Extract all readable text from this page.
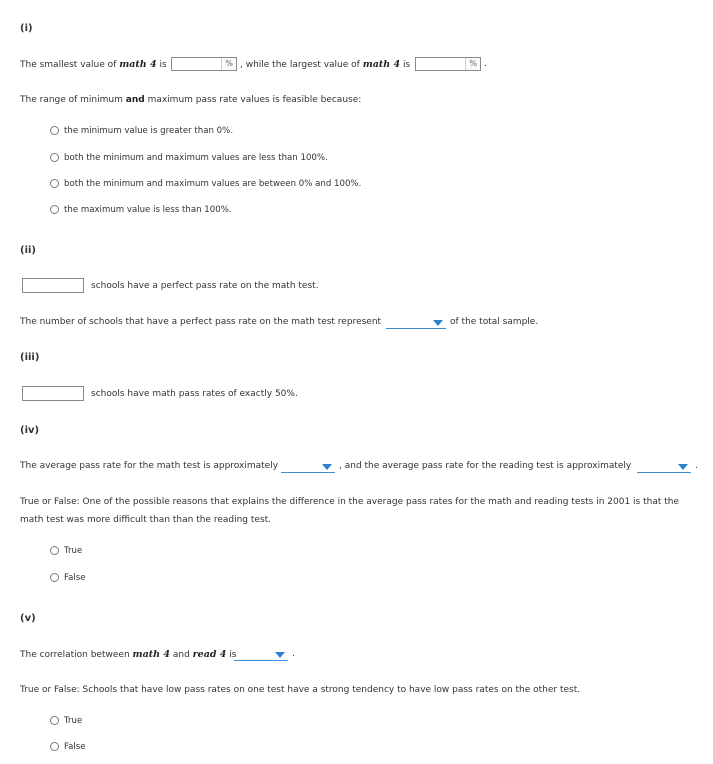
(i)
The smallest value of math 4 is	% , while the largest value of math 4 is	% .
The range of minimum and maximum pass rate values is feasible because:
the minimum value is greater than 0%.
both the minimum and maximum values are less than 100%.
both the minimum and maximum values are between 0% and 100%.
the maximum value is less than 100%.
(ii)
schools have a perfect pass rate on the math test.
The number of schools that have a perfect pass rate on the math test represent	of the total sample.
(iii)
schools have math pass rates of exactly 50%.
(iv)
The average pass rate for the math test is approximately	, and the average pass rate for the reading test is approximately	.
True or False: One of the possible reasons that explains the difference in the average pass rates for the math and reading tests in 2001 is that the
math test was more difficult than than the reading test.
True
False
(v)
The correlation between math 4 and read 4 is	.
True or False: Schools that have low pass rates on one test have a strong tendency to have low pass rates on the other test.
True
False
